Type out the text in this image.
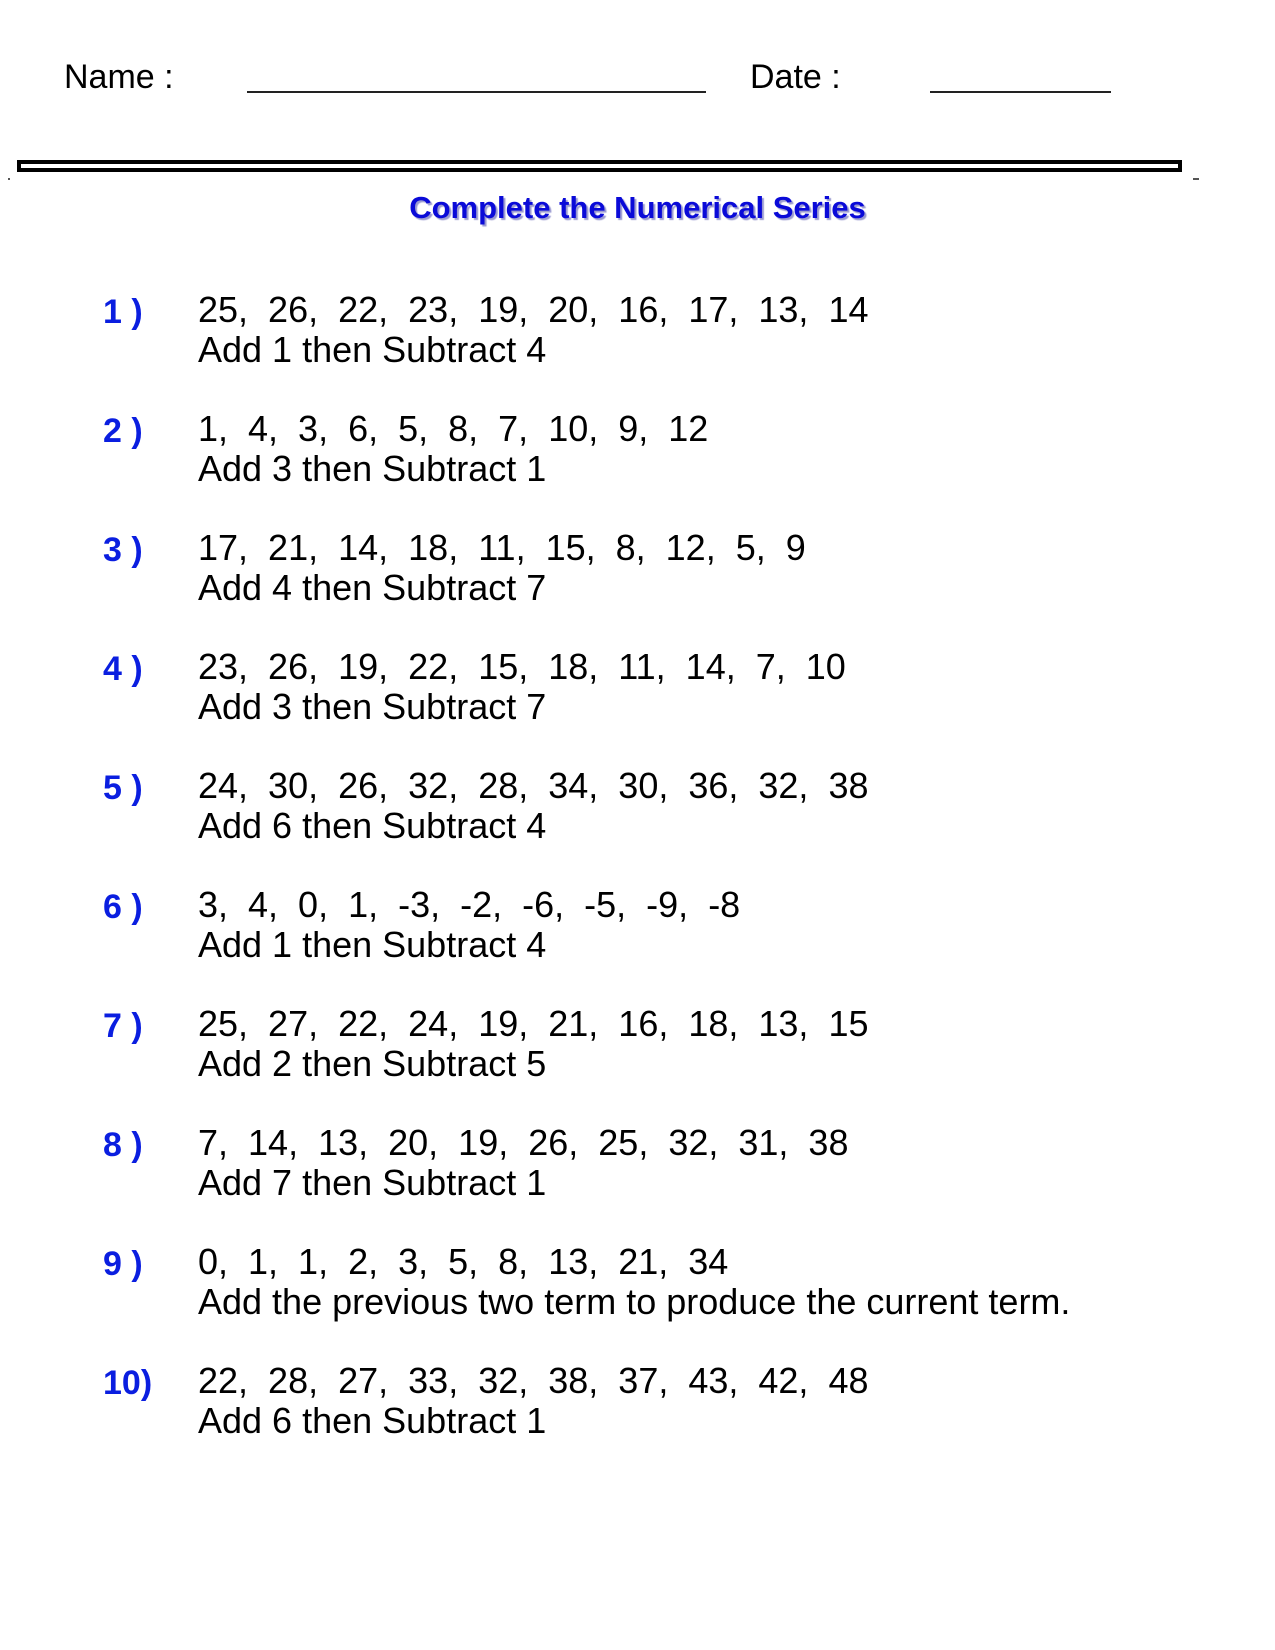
Name :	Date :
Complete the Numerical Series
1 ) 25,  26,  22,  23,  19,  20,  16,  17,  13,  14
Add 1 then Subtract 4
2 ) 1,  4,  3,  6,  5,  8,  7,  10,  9,  12
Add 3 then Subtract 1
3 ) 17,  21,  14,  18,  11,  15,  8,  12,  5,  9
Add 4 then Subtract 7
4 ) 23,  26,  19,  22,  15,  18,  11,  14,  7,  10
Add 3 then Subtract 7
5 ) 24,  30,  26,  32,  28,  34,  30,  36,  32,  38
Add 6 then Subtract 4
6 ) 3,  4,  0,  1,  -3,  -2,  -6,  -5,  -9,  -8
Add 1 then Subtract 4
7 ) 25,  27,  22,  24,  19,  21,  16,  18,  13,  15
Add 2 then Subtract 5
8 ) 7,  14,  13,  20,  19,  26,  25,  32,  31,  38
Add 7 then Subtract 1
9 ) 0,  1,  1,  2,  3,  5,  8,  13,  21,  34
Add the previous two term to produce the current term.
10) 22,  28,  27,  33,  32,  38,  37,  43,  42,  48
Add 6 then Subtract 1
